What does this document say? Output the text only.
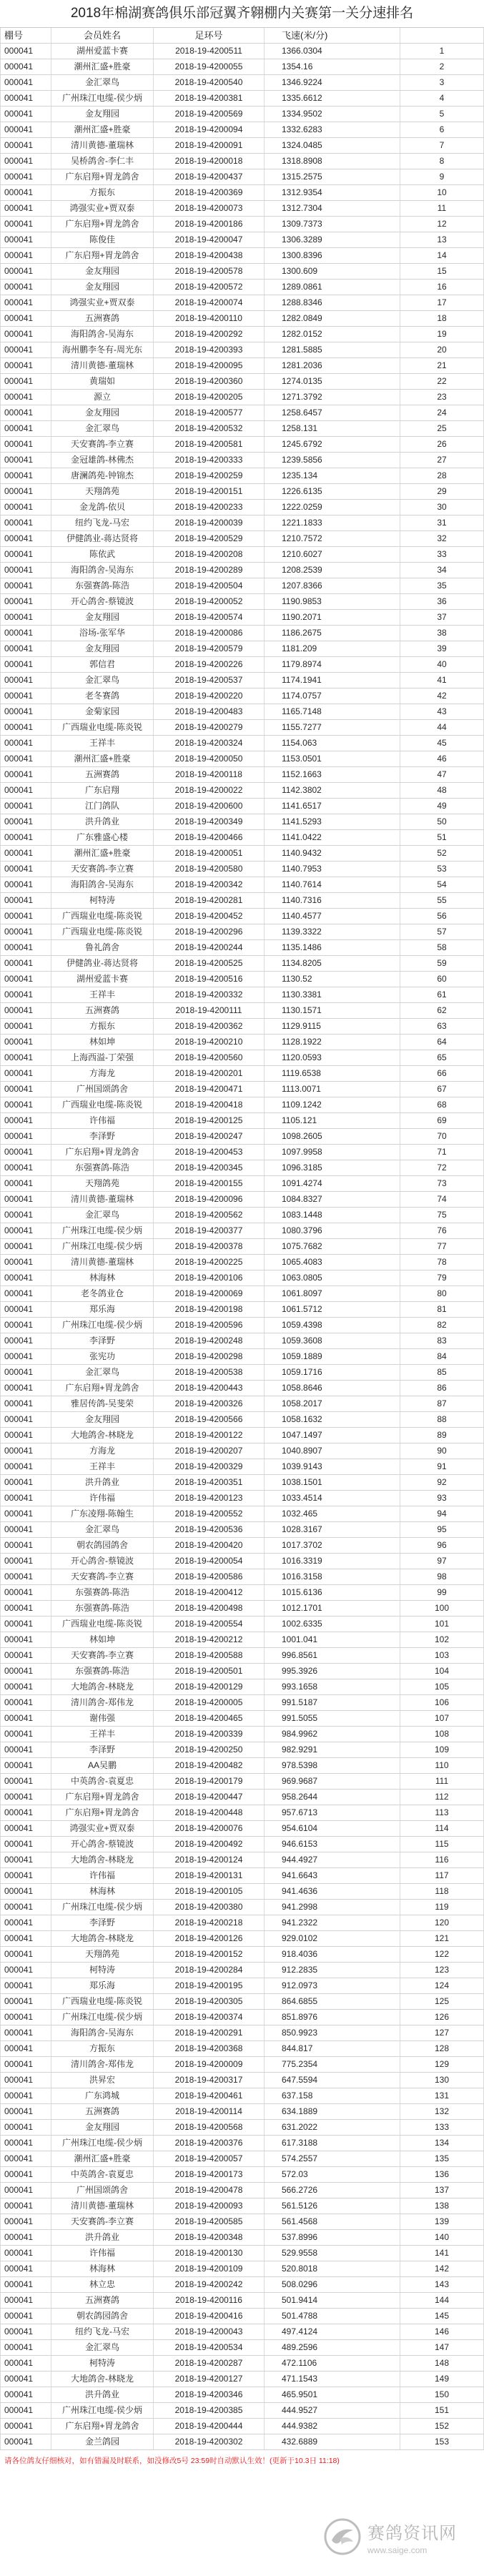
2018年棉湖赛鸽俱乐部冠翼齐翱棚内关赛第一关分速排名
棚号	会员姓名	足环号	飞速(米/分)
000041	湖州爱蓝卡赛	2018-19-4200511	1366.0304	1
000041	潮州汇盛+胜豪	2018-19-4200055	1354.16	2
000041	金汇翠鸟	2018-19-4200540	1346.9224	3
000041	广州珠江电缆-侯少炳	2018-19-4200381	1335.6612	4
000041	金友翔园	2018-19-4200569	1334.9502	5
000041	潮州汇盛+胜豪	2018-19-4200094	1332.6283	6
000041	清川黄德-董瑞林	2018-19-4200091	1324.0485	7
000041	吴桥鸽舍-李仁丰	2018-19-4200018	1318.8908	8
000041	广东启翔+胃龙鸽舍	2018-19-4200437	1315.2575	9
000041	方振东	2018-19-4200369	1312.9354	10
000041	鸿强实业+贾双泰	2018-19-4200073	1312.7304	11
000041	广东启翔+胃龙鸽舍	2018-19-4200186	1309.7373	12
000041	陈俊佳	2018-19-4200047	1306.3289	13
000041	广东启翔+胃龙鸽舍	2018-19-4200438	1300.8396	14
000041	金友翔园	2018-19-4200578	1300.609	15
000041	金友翔园	2018-19-4200572	1289.0861	16
000041	鸿强实业+贾双泰	2018-19-4200074	1288.8346	17
000041	五洲赛鸽	2018-19-4200110	1282.0849	18
000041	海阳鸽舍-吴海东	2018-19-4200292	1282.0152	19
000041	海州鹏李冬有-周光东	2018-19-4200393	1281.5885	20
000041	清川黄德-董瑞林	2018-19-4200095	1281.2036	21
000041	黄瑞如	2018-19-4200360	1274.0135	22
000041	源立	2018-19-4200205	1271.3792	23
000041	金友翔园	2018-19-4200577	1258.6457	24
000041	金汇翠鸟	2018-19-4200532	1258.131	25
000041	天安赛鸽-李立赛	2018-19-4200581	1245.6792	26
000041	金冠雄鸽-林佛杰	2018-19-4200333	1239.5856	27
000041	唐澜鸽苑-钟锦杰	2018-19-4200259	1235.134	28
000041	天翔鸽苑	2018-19-4200151	1226.6135	29
000041	金龙鸽-依贝	2018-19-4200233	1222.0259	30
000041	纽约飞龙-马宏	2018-19-4200039	1221.1833	31
000041	伊健鸽业-蒋达贤将	2018-19-4200529	1210.7572	32
000041	陈依武	2018-19-4200208	1210.6027	33
000041	海阳鸽舍-吴海东	2018-19-4200289	1208.2539	34
000041	东强赛鸽-陈浩	2018-19-4200504	1207.8366	35
000041	开心鸽舍-蔡镜波	2018-19-4200052	1190.9853	36
000041	金友翔园	2018-19-4200574	1190.2071	37
000041	浴场-张军华	2018-19-4200086	1186.2675	38
000041	金友翔园	2018-19-4200579	1181.209	39
000041	郭信君	2018-19-4200226	1179.8974	40
000041	金汇翠鸟	2018-19-4200537	1174.1941	41
000041	老冬赛鸽	2018-19-4200220	1174.0757	42
000041	金菊家园	2018-19-4200483	1165.7148	43
000041	广西瑞业电缆-陈炎锐	2018-19-4200279	1155.7277	44
000041	王祥丰	2018-19-4200324	1154.063	45
000041	潮州汇盛+胜豪	2018-19-4200050	1153.0501	46
000041	五洲赛鸽	2018-19-4200118	1152.1663	47
000041	广东启翔	2018-19-4200022	1142.3802	48
000041	江门鸽队	2018-19-4200600	1141.6517	49
000041	洪升鸽业	2018-19-4200349	1141.5293	50
000041	广东雅盛心楼	2018-19-4200466	1141.0422	51
000041	潮州汇盛+胜豪	2018-19-4200051	1140.9432	52
000041	天安赛鸽-李立赛	2018-19-4200580	1140.7953	53
000041	海阳鸽舍-吴海东	2018-19-4200342	1140.7614	54
000041	柯特涛	2018-19-4200281	1140.7316	55
000041	广西瑞业电缆-陈炎锐	2018-19-4200452	1140.4577	56
000041	广西瑞业电缆-陈炎锐	2018-19-4200296	1139.3322	57
000041	鲁礼鸽舍	2018-19-4200244	1135.1486	58
000041	伊健鸽业-蒋达贤将	2018-19-4200525	1134.8205	59
000041	湖州爱蓝卡赛	2018-19-4200516	1130.52	60
000041	王祥丰	2018-19-4200332	1130.3381	61
000041	五洲赛鸽	2018-19-4200111	1130.1571	62
000041	方振东	2018-19-4200362	1129.9115	63
000041	林如坤	2018-19-4200210	1128.1922	64
000041	上海西溢-丁荣强	2018-19-4200560	1120.0593	65
000041	方海龙	2018-19-4200201	1119.6538	66
000041	广州国颂鸽舍	2018-19-4200471	1113.0071	67
000041	广西瑞业电缆-陈炎锐	2018-19-4200418	1109.1242	68
000041	许伟福	2018-19-4200125	1105.121	69
000041	李泽野	2018-19-4200247	1098.2605	70
000041	广东启翔+胃龙鸽舍	2018-19-4200453	1097.9958	71
000041	东强赛鸽-陈浩	2018-19-4200345	1096.3185	72
000041	天翔鸽苑	2018-19-4200155	1091.4274	73
000041	清川黄德-董瑞林	2018-19-4200096	1084.8327	74
000041	金汇翠鸟	2018-19-4200562	1083.1448	75
000041	广州珠江电缆-侯少炳	2018-19-4200377	1080.3796	76
000041	广州珠江电缆-侯少炳	2018-19-4200378	1075.7682	77
000041	清川黄德-董瑞林	2018-19-4200225	1065.4083	78
000041	林海林	2018-19-4200106	1063.0805	79
000041	老冬鸽业仓	2018-19-4200069	1061.8097	80
000041	郑乐海	2018-19-4200198	1061.5712	81
000041	广州珠江电缆-侯少炳	2018-19-4200596	1059.4398	82
000041	李泽野	2018-19-4200248	1059.3608	83
000041	张宪功	2018-19-4200298	1059.1889	84
000041	金汇翠鸟	2018-19-4200538	1059.1716	85
000041	广东启翔+胃龙鸽舍	2018-19-4200443	1058.8646	86
000041	雅居传鸽-吴斐荣	2018-19-4200326	1058.2017	87
000041	金友翔园	2018-19-4200566	1058.1632	88
000041	大地鸽舍-林晓龙	2018-19-4200122	1047.1497	89
000041	方海龙	2018-19-4200207	1040.8907	90
000041	王祥丰	2018-19-4200329	1039.9143	91
000041	洪升鸽业	2018-19-4200351	1038.1501	92
000041	许伟福	2018-19-4200123	1033.4514	93
000041	广东凌翔-陈翰生	2018-19-4200552	1032.465	94
000041	金汇翠鸟	2018-19-4200536	1028.3167	95
000041	朝农鸽园鸽舍	2018-19-4200420	1017.3702	96
000041	开心鸽舍-蔡镜波	2018-19-4200054	1016.3319	97
000041	天安赛鸽-李立赛	2018-19-4200586	1016.3158	98
000041	东强赛鸽-陈浩	2018-19-4200412	1015.6136	99
000041	东强赛鸽-陈浩	2018-19-4200498	1012.1701	100
000041	广西瑞业电缆-陈炎锐	2018-19-4200554	1002.6335	101
000041	林如坤	2018-19-4200212	1001.041	102
000041	天安赛鸽-李立赛	2018-19-4200588	996.8561	103
000041	东强赛鸽-陈浩	2018-19-4200501	995.3926	104
000041	大地鸽舍-林晓龙	2018-19-4200129	993.1658	105
000041	清川鸽舍-郑伟龙	2018-19-4200005	991.5187	106
000041	谢伟强	2018-19-4200465	991.5055	107
000041	王祥丰	2018-19-4200339	984.9962	108
000041	李泽野	2018-19-4200250	982.9291	109
000041	AA吴鹏	2018-19-4200482	978.5398	110
000041	中英鸽舍-袁夏忠	2018-19-4200179	969.9687	111
000041	广东启翔+胃龙鸽舍	2018-19-4200447	958.2644	112
000041	广东启翔+胃龙鸽舍	2018-19-4200448	957.6713	113
000041	鸿强实业+贾双泰	2018-19-4200076	954.6104	114
000041	开心鸽舍-蔡镜波	2018-19-4200492	946.6153	115
000041	大地鸽舍-林晓龙	2018-19-4200124	944.4927	116
000041	许伟福	2018-19-4200131	941.6643	117
000041	林海林	2018-19-4200105	941.4636	118
000041	广州珠江电缆-侯少炳	2018-19-4200380	941.2998	119
000041	李泽野	2018-19-4200218	941.2322	120
000041	大地鸽舍-林晓龙	2018-19-4200126	929.0102	121
000041	天翔鸽苑	2018-19-4200152	918.4036	122
000041	柯特涛	2018-19-4200284	912.2835	123
000041	郑乐海	2018-19-4200195	912.0973	124
000041	广西瑞业电缆-陈炎锐	2018-19-4200305	864.6855	125
000041	广州珠江电缆-侯少炳	2018-19-4200374	851.8976	126
000041	海阳鸽舍-吴海东	2018-19-4200291	850.9923	127
000041	方振东	2018-19-4200368	844.817	128
000041	清川鸽舍-郑伟龙	2018-19-4200009	775.2354	129
000041	洪昇宏	2018-19-4200317	647.5594	130
000041	广东鸿城	2018-19-4200461	637.158	131
000041	五洲赛鸽	2018-19-4200114	634.1889	132
000041	金友翔园	2018-19-4200568	631.2022	133
000041	广州珠江电缆-侯少炳	2018-19-4200376	617.3188	134
000041	潮州汇盛+胜豪	2018-19-4200057	574.2557	135
000041	中英鸽舍-袁夏忠	2018-19-4200173	572.03	136
000041	广州国颂鸽舍	2018-19-4200478	566.2726	137
000041	清川黄德-董瑞林	2018-19-4200093	561.5126	138
000041	天安赛鸽-李立赛	2018-19-4200585	561.4568	139
000041	洪升鸽业	2018-19-4200348	537.8996	140
000041	许伟福	2018-19-4200130	529.9558	141
000041	林海林	2018-19-4200109	520.8018	142
000041	林立忠	2018-19-4200242	508.0296	143
000041	五洲赛鸽	2018-19-4200116	501.9414	144
000041	朝农鸽园鸽舍	2018-19-4200416	501.4788	145
000041	纽约飞龙-马宏	2018-19-4200043	497.4124	146
000041	金汇翠鸟	2018-19-4200534	489.2596	147
000041	柯特涛	2018-19-4200287	472.1106	148
000041	大地鸽舍-林晓龙	2018-19-4200127	471.1543	149
000041	洪升鸽业	2018-19-4200346	465.9501	150
000041	广州珠江电缆-侯少炳	2018-19-4200385	444.9527	151
000041	广东启翔+胃龙鸽舍	2018-19-4200444	444.9382	152
000041	金兰鸽园	2018-19-4200302	432.6889	153
请各位鸽友仔细核对，如有错漏及时联系，如没修改5号 23:59时自动默认生效！(更新于10.3日 11:18)
赛鸽资讯网
www.saige.com
